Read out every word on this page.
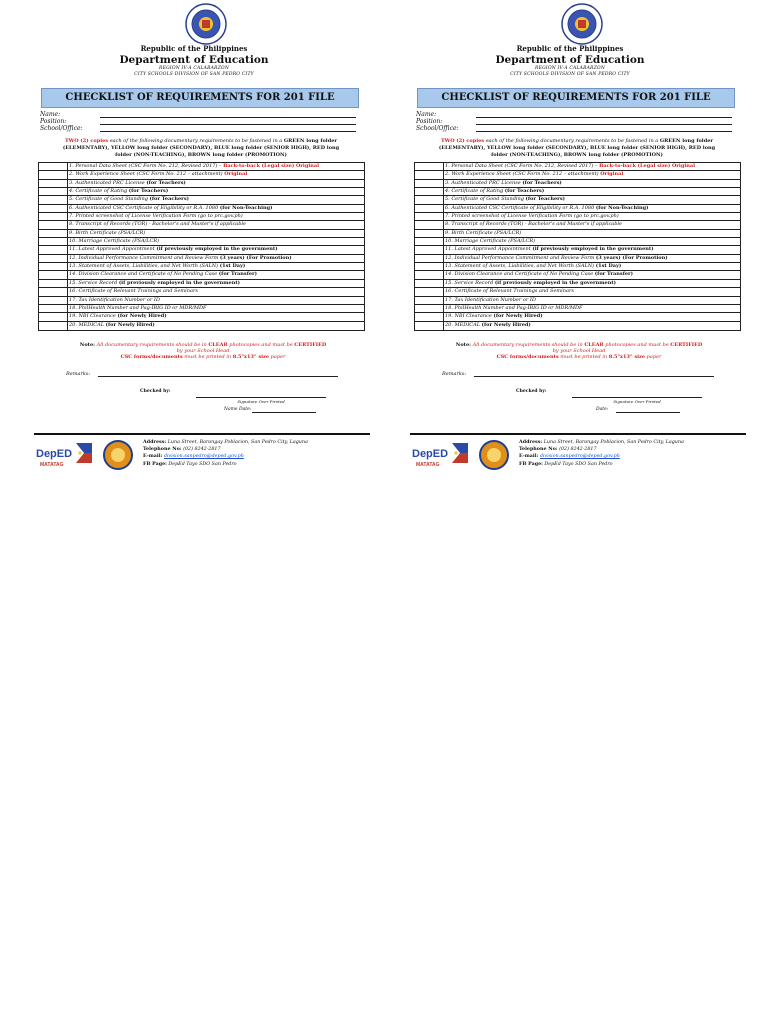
Republic of the Philippines
Department of Education
REGION IV-A CALABARZON
CITY SCHOOLS DIVISION OF SAN PEDRO CITY
CHECKLIST OF REQUIREMENTS FOR 201 FILE
Name:
Position:
School/Office:
TWO (2) copies each of the following documentary requirements to be fastened in a GREEN long folder
(ELEMENTARY), YELLOW long folder (SECONDARY), BLUE long folder (SENIOR HIGH), RED long
folder (NON-TEACHING), BROWN long folder (PROMOTION)
1. Personal Data Sheet (CSC Form No. 212, Revised 2017) – Back-to-back (Legal size) Original
2. Work Experience Sheet (CSC Form No. 212 – attachment) Original
3. Authenticated PRC License (for Teachers)
4. Certificate of Rating (for Teachers)
5. Certificate of Good Standing (for Teachers)
6. Authenticated CSC Certificate of Eligibility or R.A. 1080 (for Non-Teaching)
7. Printed screenshot of License Verification Form (go to prc.gov.ph)
8. Transcript of Records (TOR) - Bachelor's and Master's if applicable
9. Birth Certificate (PSA/LCR)
10. Marriage Certificate (PSA/LCR)
11. Latest Approved Appointment (if previously employed in the government)
12. Individual Performance Commitment and Review Form (3 years) (For Promotion)
13. Statement of Assets, Liabilities, and Net Worth (SALN) (1st Day)
14. Division Clearance and Certificate of No Pending Case (for Transfer)
15. Service Record (if previously employed in the government)
16. Certificate of Relevant Trainings and Seminars
17. Tax Identification Number or ID
18. PhilHealth Number and Pag-IBIG ID or MDR/MDF
19. NBI Clearance (for Newly Hired)
20. MEDICAL (for Newly Hired)
Note: All documentary requirements should be in CLEAR photocopies and must be CERTIFIED
by your School Head
CSC forms/documents must be printed in 8.5"x13" size paper
Remarks:
Checked by:
Signature Over Printed
Name Date:
DepED
MATATAG
Address: Luna Street, Barangay Poblacion, San Pedro City, Laguna
Telephone No: (02) 8242-2817
E-mail: division.sanpedro@deped.gov.ph
FB Page: DepEd Tayo SDO San Pedro
Republic of the Philippines
Department of Education
REGION IV-A CALABARZON
CITY SCHOOLS DIVISION OF SAN PEDRO CITY
CHECKLIST OF REQUIREMENTS FOR 201 FILE
Name:
Position:
School/Office:
TWO (2) copies each of the following documentary requirements to be fastened in a GREEN long folder
(ELEMENTARY), YELLOW long folder (SECONDARY), BLUE long folder (SENIOR HIGH), RED long
folder (NON-TEACHING), BROWN long folder (PROMOTION)
1. Personal Data Sheet (CSC Form No. 212, Revised 2017) – Back-to-back (Legal size) Original
2. Work Experience Sheet (CSC Form No. 212 – attachment) Original
3. Authenticated PRC License (for Teachers)
4. Certificate of Rating (for Teachers)
5. Certificate of Good Standing (for Teachers)
6. Authenticated CSC Certificate of Eligibility or R.A. 1080 (for Non-Teaching)
7. Printed screenshot of License Verification Form (go to prc.gov.ph)
8. Transcript of Records (TOR) - Bachelor's and Master's if applicable
9. Birth Certificate (PSA/LCR)
10. Marriage Certificate (PSA/LCR)
11. Latest Approved Appointment (if previously employed in the government)
12. Individual Performance Commitment and Review Form (3 years) (For Promotion)
13. Statement of Assets, Liabilities, and Net Worth (SALN) (1st Day)
14. Division Clearance and Certificate of No Pending Case (for Transfer)
15. Service Record (if previously employed in the government)
16. Certificate of Relevant Trainings and Seminars
17. Tax Identification Number or ID
18. PhilHealth Number and Pag-IBIG ID or MDR/MDF
19. NBI Clearance (for Newly Hired)
20. MEDICAL (for Newly Hired)
Note: All documentary requirements should be in CLEAR photocopies and must be CERTIFIED
by your School Head
CSC forms/documents must be printed in 8.5"x13" size paper
Remarks:
Checked by:
Signature Over Printed
Date:
DepED
MATATAG
Address: Luna Street, Barangay Poblacion, San Pedro City, Laguna
Telephone No: (02) 8242-2817
E-mail: division.sanpedro@deped.gov.ph
FB Page: DepEd Tayo SDO San Pedro
